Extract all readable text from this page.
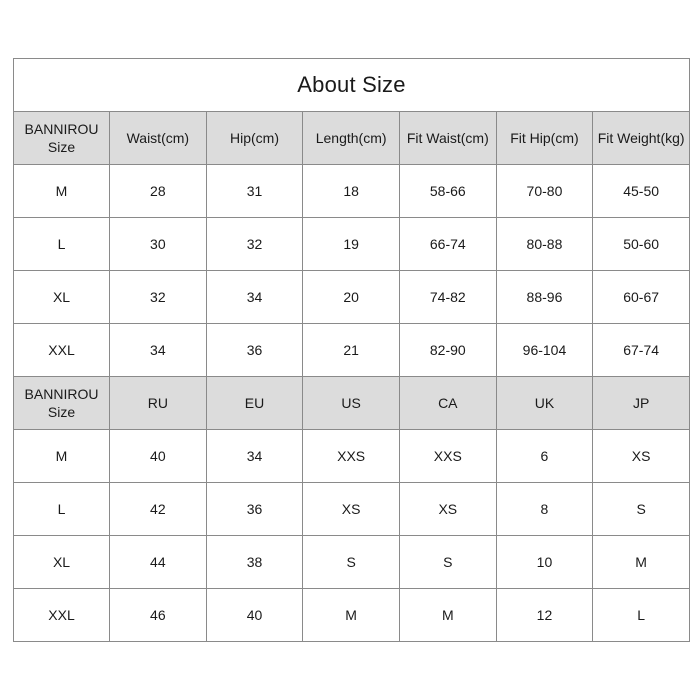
About Size						
BANNIROU Size	Waist(cm)	Hip(cm)	Length(cm)	Fit Waist(cm)	Fit Hip(cm)	Fit Weight(kg)
M	28	31	18	58-66	70-80	45-50
L	30	32	19	66-74	80-88	50-60
XL	32	34	20	74-82	88-96	60-67
XXL	34	36	21	82-90	96-104	67-74
BANNIROU Size	RU	EU	US	CA	UK	JP
M	40	34	XXS	XXS	6	XS
L	42	36	XS	XS	8	S
XL	44	38	S	S	10	M
XXL	46	40	M	M	12	L
